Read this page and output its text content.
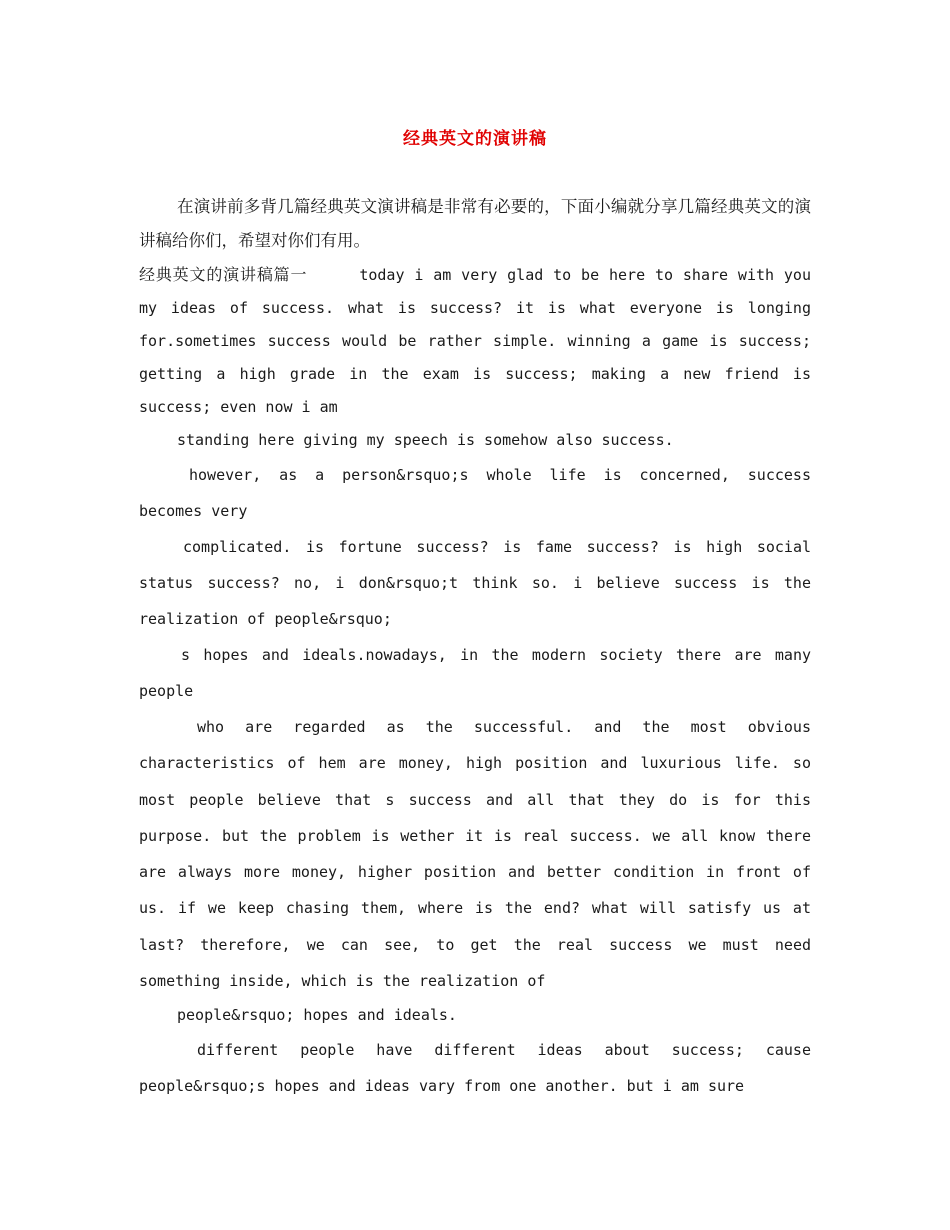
经典英文的演讲稿

在演讲前多背几篇经典英文演讲稿是非常有必要的，下面小编就分享几篇经典英文的演讲稿给你们，希望对你们有用。

经典英文的演讲稿篇一	today i am very glad to be here to share with you my ideas of success. what is success? it is what everyone is longing for.sometimes success would be rather simple. winning a game is success; getting a high grade in the exam is success; making a new friend is success; even now i am

standing here giving my speech is somehow also success.

however, as a person&rsquo;s whole life is concerned, success becomes very

complicated. is fortune success? is fame success? is high social status success? no, i don&rsquo;t think so. i believe success is the realization of people&rsquo;

s hopes and ideals.nowadays, in the modern society there are many people

who are regarded as the successful. and the most obvious characteristics of hem are money, high position and luxurious life. so most people believe that s success and all that they do is for this purpose. but the problem is wether it is real success. we all know there are always more money, higher position and better condition in front of us. if we keep chasing them, where is the end? what will satisfy us at last? therefore, we can see, to get the real success we must need something inside, which is the realization of

people&rsquo; hopes and ideals.

different people have different ideas about success; cause people&rsquo;s hopes and ideas vary from one another. but i am sure
